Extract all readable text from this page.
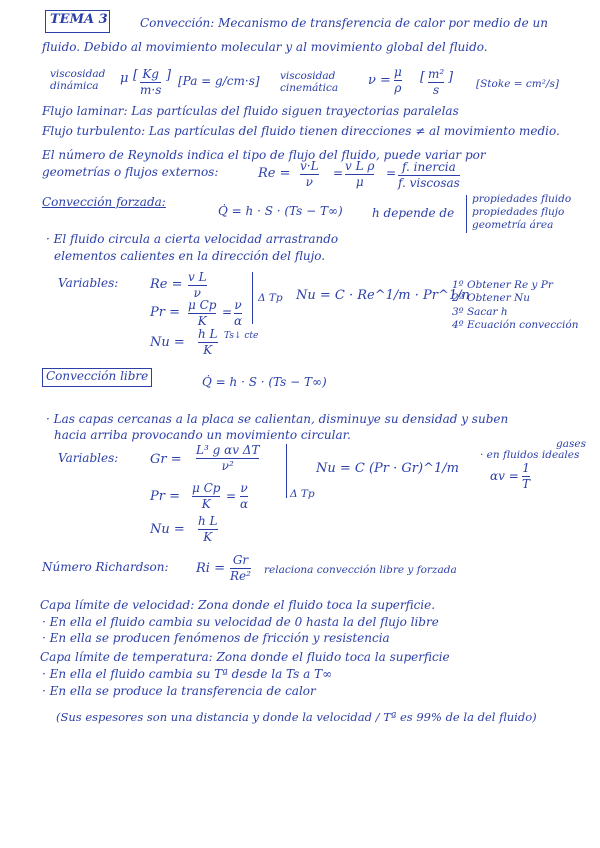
TEMA 3	Convección: Mecanismo de transferencia de calor por medio de un
fluido. Debido al movimiento molecular y al movimiento global del fluido.
viscosidad
dinámica μ [ Kg
m·s
] [Pa = g/cm·s] viscosidad
cinemática ν =
μ
ρ
[ m²
s
] [Stoke = cm²/s]
Flujo laminar: Las partículas del fluido siguen trayectorias paralelas
Flujo turbulento: Las partículas del fluido tienen direcciones ≠ al movimiento medio.
El número de Reynolds indica el tipo de flujo del fluido, puede variar por
geometrías o flujos externos:	Re = v·L
ν
= v L ρ
μ
= f. inercia
f. viscosas
Convección forzada:
Q̇ = h · S · (Ts − T∞) h depende de
propiedades fluido
propiedades flujo
geometría área
· El fluido circula a cierta velocidad arrastrando
elementos calientes en la dirección del flujo.
Variables: Re = v L
ν
Pr = μ Cp
K
= ν
α
Nu =
h L
K
Ts↓ cte
Δ Tp Nu = C · Re^1/m · Pr^1/n
1º Obtener Re y Pr
2º Obtener Nu
3º Sacar h
4º Ecuación convección
Convección libre	Q̇ = h · S · (Ts − T∞)
· Las capas cercanas a la placa se calientan, disminuye su densidad y suben
hacia arriba provocando un movimiento circular.
Variables: Gr =
L³ g αv ΔT
ν²
Pr =
μ Cp
K
=
ν
α
Nu =
h L
K
Δ Tp
Nu = C (Pr · Gr)^1/m
gases
· en fluidos ideales
αv =
1
T
Número Richardson: Ri =
Gr
Re² relaciona convección libre y forzada
Capa límite de velocidad: Zona donde el fluido toca la superficie.
· En ella el fluido cambia su velocidad de 0 hasta la del flujo libre
· En ella se producen fenómenos de fricción y resistencia
Capa límite de temperatura: Zona donde el fluido toca la superficie
· En ella el fluido cambia su Tª desde la Ts a T∞
· En ella se produce la transferencia de calor
(Sus espesores son una distancia y donde la velocidad / Tª es 99% de la del fluido)
